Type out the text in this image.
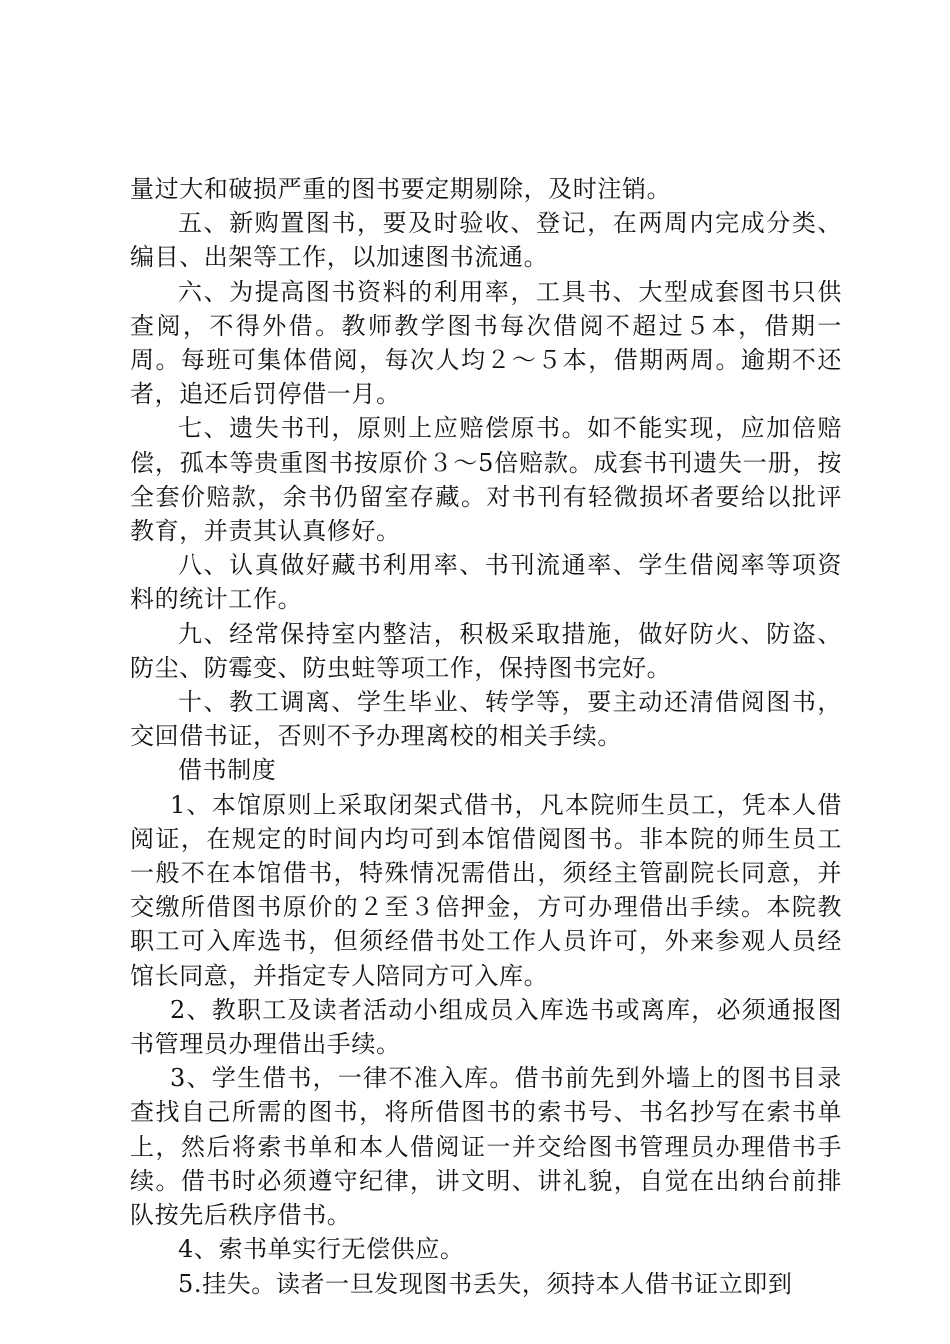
量过大和破损严重的图书要定期剔除，及时注销。

五、新购置图书，要及时验收、登记，在两周内完成分类、编目、出架等工作，以加速图书流通。

六、为提高图书资料的利用率，工具书、大型成套图书只供查阅，不得外借。教师教学图书每次借阅不超过５本，借期一周。每班可集体借阅，每次人均２～５本，借期两周。逾期不还者，追还后罚停借一月。

七、遗失书刊，原则上应赔偿原书。如不能实现，应加倍赔偿，孤本等贵重图书按原价３～5倍赔款。成套书刊遗失一册，按全套价赔款，余书仍留室存藏。对书刊有轻微损坏者要给以批评教育，并责其认真修好。

八、认真做好藏书利用率、书刊流通率、学生借阅率等项资料的统计工作。

九、经常保持室内整洁，积极采取措施，做好防火、防盗、防尘、防霉变、防虫蛀等项工作，保持图书完好。

十、教工调离、学生毕业、转学等，要主动还清借阅图书，交回借书证，否则不予办理离校的相关手续。

借书制度

1、本馆原则上采取闭架式借书，凡本院师生员工，凭本人借阅证，在规定的时间内均可到本馆借阅图书。非本院的师生员工一般不在本馆借书，特殊情况需借出，须经主管副院长同意，并交缴所借图书原价的２至３倍押金，方可办理借出手续。本院教职工可入库选书，但须经借书处工作人员许可，外来参观人员经馆长同意，并指定专人陪同方可入库。

2、教职工及读者活动小组成员入库选书或离库，必须通报图书管理员办理借出手续。

3、学生借书，一律不准入库。借书前先到外墙上的图书目录查找自己所需的图书，将所借图书的索书号、书名抄写在索书单上，然后将索书单和本人借阅证一并交给图书管理员办理借书手续。借书时必须遵守纪律，讲文明、讲礼貌，自觉在出纳台前排队按先后秩序借书。

4、索书单实行无偿供应。

5.挂失。读者一旦发现图书丢失，须持本人借书证立即到
